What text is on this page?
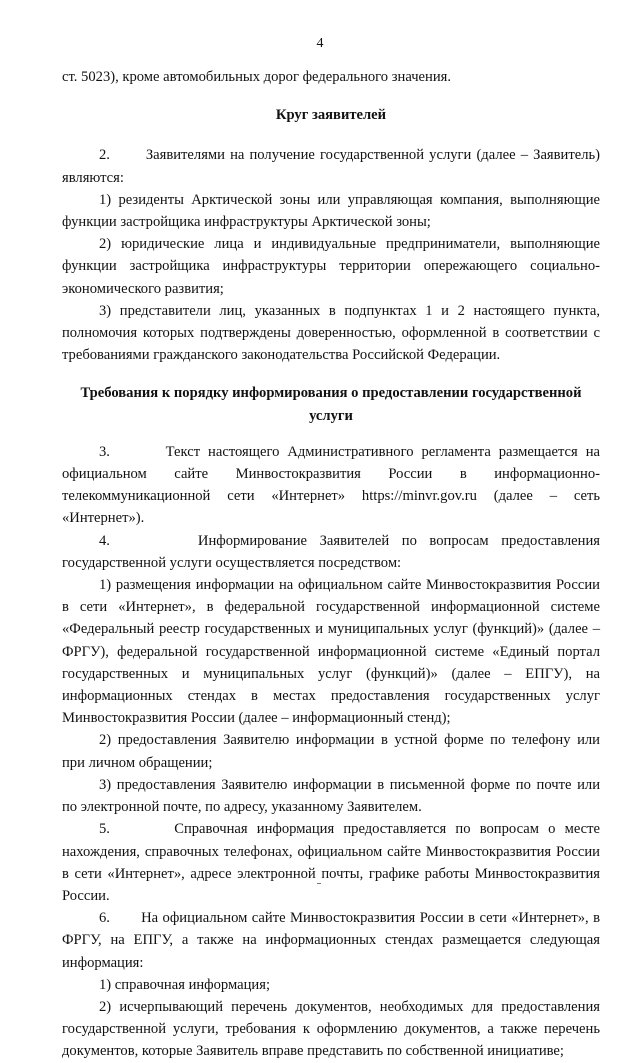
4

ст. 5023), кроме автомобильных дорог федерального значения.

Круг заявителей

2.       Заявителями на получение государственной услуги (далее – Заявитель) являются:

1) резиденты Арктической зоны или управляющая компания, выполняющие функции застройщика инфраструктуры Арктической зоны;

2) юридические лица и индивидуальные предприниматели, выполняющие функции застройщика инфраструктуры территории опережающего социально-экономического развития;

3) представители лиц, указанных в подпунктах 1 и 2 настоящего пункта, полномочия которых подтверждены доверенностью, оформленной в соответствии с требованиями гражданского законодательства Российской Федерации.

Требования к порядку информирования о предоставлении государственной услуги

3.       Текст настоящего Административного регламента размещается на официальном сайте Минвостокразвития России в информационно-телекоммуникационной сети «Интернет» https://minvr.gov.ru (далее – сеть «Интернет»).

4.       Информирование Заявителей по вопросам предоставления государственной услуги осуществляется посредством:

1) размещения информации на официальном сайте Минвостокразвития России в сети «Интернет», в федеральной государственной информационной системе «Федеральный реестр государственных и муниципальных услуг (функций)» (далее – ФРГУ), федеральной государственной информационной системе «Единый портал государственных и муниципальных услуг (функций)» (далее – ЕПГУ), на информационных стендах в местах предоставления государственных услуг Минвостокразвития России (далее – информационный стенд);

2) предоставления Заявителю информации в устной форме по телефону или при личном обращении;

3) предоставления Заявителю информации в письменной форме по почте или по электронной почте, по адресу, указанному Заявителем.

5.       Справочная информация предоставляется по вопросам о месте нахождения, справочных телефонах, официальном сайте Минвостокразвития России в сети «Интернет», адресе электронной почты, графике работы Минвостокразвития России.

6.       На официальном сайте Минвостокразвития России в сети «Интернет», в ФРГУ, на ЕПГУ, а также на информационных стендах размещается следующая информация:

1) справочная информация;

2) исчерпывающий перечень документов, необходимых для предоставления государственной услуги, требования к оформлению документов, а также перечень документов, которые Заявитель вправе представить по собственной инициативе;
